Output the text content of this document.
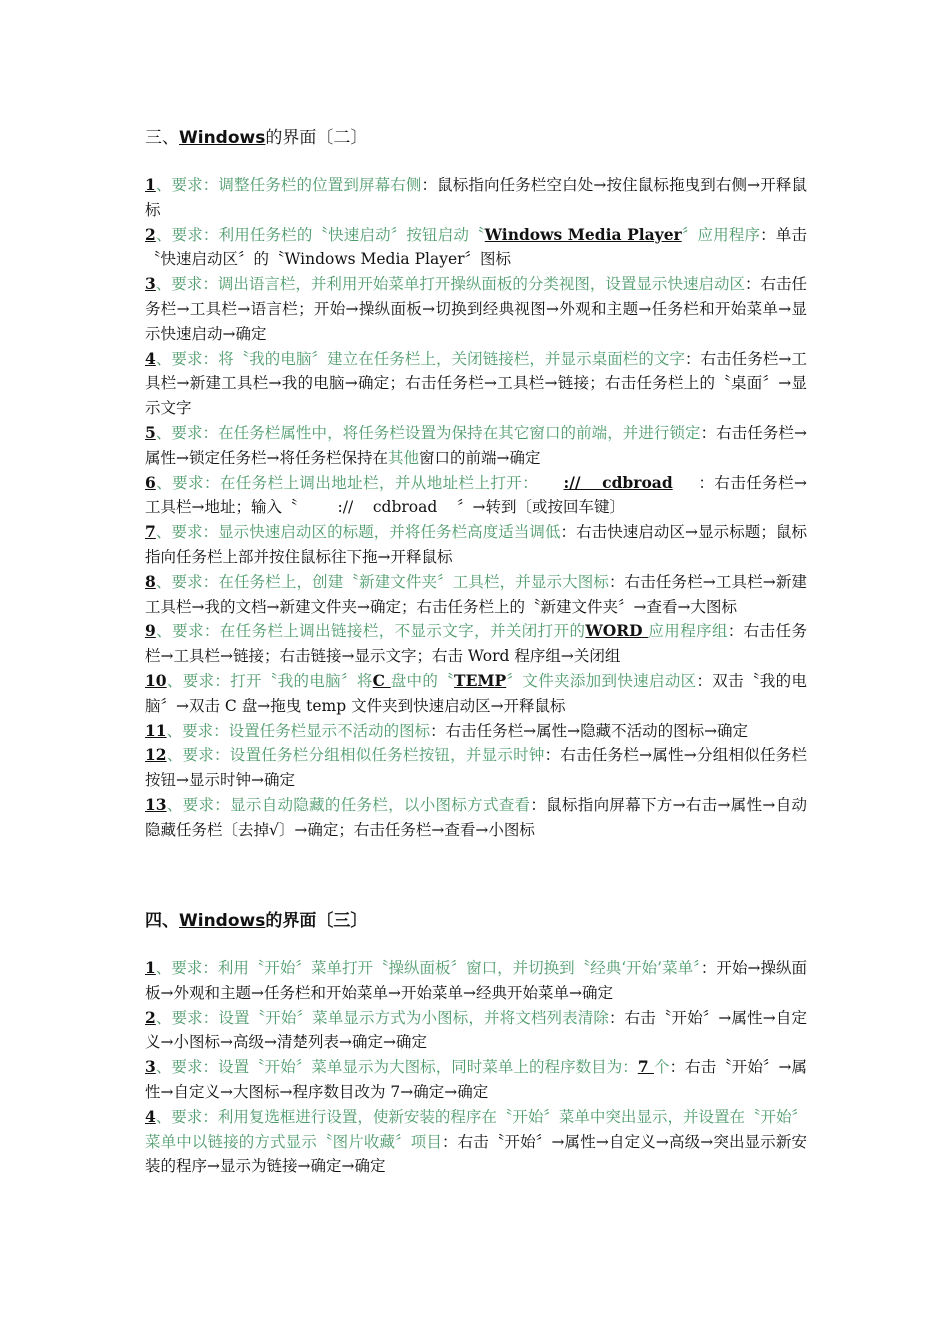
三、Windows的界面〔二〕
1、要求：调整任务栏的位置到屏幕右侧：鼠标指向任务栏空白处→按住鼠标拖曳到右侧→开释鼠标
2、要求：利用任务栏的〝快速启动〞按钮启动〝Windows Media Player〞应用程序：单击〝快速启动区〞的〝Windows Media Player〞图标
3、要求：调出语言栏，并利用开始菜单打开操纵面板的分类视图，设置显示快速启动区：右击任务栏→工具栏→语言栏；开始→操纵面板→切换到经典视图→外观和主题→任务栏和开始菜单→显示快速启动→确定
4、要求：将〝我的电脑〞建立在任务栏上，关闭链接栏，并显示桌面栏的文字：右击任务栏→工具栏→新建工具栏→我的电脑→确定；右击任务栏→工具栏→链接；右击任务栏上的〝桌面〞→显示文字
5、要求：在任务栏属性中，将任务栏设置为保持在其它窗口的前端，并进行锁定：右击任务栏→属性→锁定任务栏→将任务栏保持在其他窗口的前端→确定
6、要求：在任务栏上调出地址栏，并从地址栏上打开： ://    cdbroad ：右击任务栏→工具栏→地址；输入〝	://    cdbroad    〞→转到〔或按回车键〕
7、要求：显示快速启动区的标题，并将任务栏高度适当调低：右击快速启动区→显示标题；鼠标指向任务栏上部并按住鼠标往下拖→开释鼠标
8、要求：在任务栏上，创建〝新建文件夹〞工具栏，并显示大图标：右击任务栏→工具栏→新建工具栏→我的文档→新建文件夹→确定；右击任务栏上的〝新建文件夹〞→查看→大图标
9、要求：在任务栏上调出链接栏，不显示文字，并关闭打开的WORD 应用程序组：右击任务栏→工具栏→链接；右击链接→显示文字；右击 Word 程序组→关闭组
10、要求：打开〝我的电脑〞将C 盘中的〝TEMP〞文件夹添加到快速启动区：双击〝我的电脑〞→双击 C 盘→拖曳 temp 文件夹到快速启动区→开释鼠标
11、要求：设置任务栏显示不活动的图标：右击任务栏→属性→隐藏不活动的图标→确定
12、要求：设置任务栏分组相似任务栏按钮，并显示时钟：右击任务栏→属性→分组相似任务栏按钮→显示时钟→确定
13、要求：显示自动隐藏的任务栏，以小图标方式查看：鼠标指向屏幕下方→右击→属性→自动隐藏任务栏〔去掉√〕→确定；右击任务栏→查看→小图标
四、Windows的界面〔三〕
1、要求：利用〝开始〞菜单打开〝操纵面板〞窗口，并切换到〝经典‘开始’菜单〞：开始→操纵面板→外观和主题→任务栏和开始菜单→开始菜单→经典开始菜单→确定
2、要求：设置〝开始〞菜单显示方式为小图标，并将文档列表清除：右击〝开始〞→属性→自定义→小图标→高级→清楚列表→确定→确定
3、要求：设置〝开始〞菜单显示为大图标，同时菜单上的程序数目为：7 个：右击〝开始〞→属性→自定义→大图标→程序数目改为 7→确定→确定
4、要求：利用复选框进行设置，使新安装的程序在〝开始〞菜单中突出显示，并设置在〝开始〞菜单中以链接的方式显示〝图片收藏〞项目：右击〝开始〞→属性→自定义→高级→突出显示新安装的程序→显示为链接→确定→确定
